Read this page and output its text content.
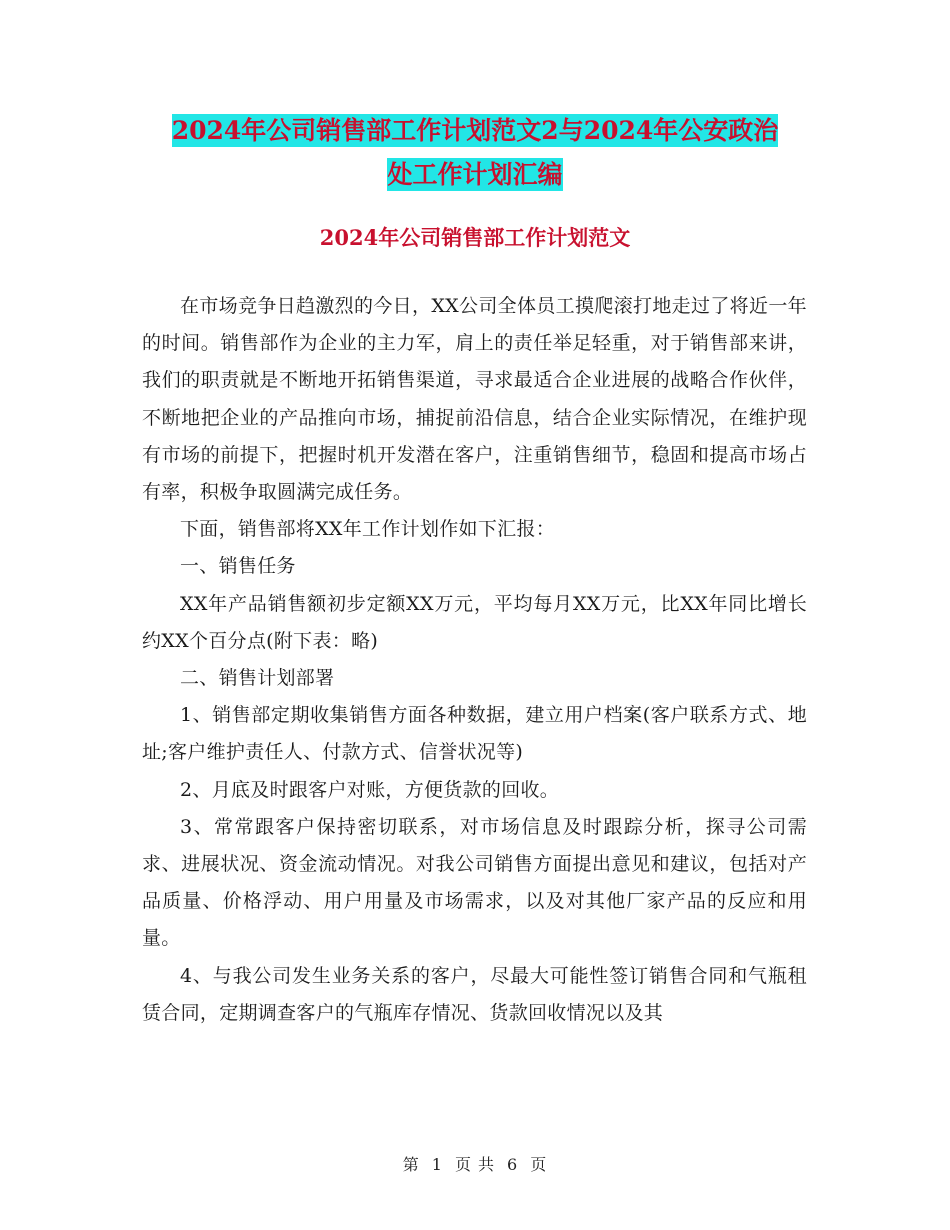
2024年公司销售部工作计划范文2与2024年公安政治
处工作计划汇编
2024年公司销售部工作计划范文

在市场竞争日趋激烈的今日，XX公司全体员工摸爬滚打地走过了将近一年的时间。销售部作为企业的主力军，肩上的责任举足轻重，对于销售部来讲，我们的职责就是不断地开拓销售渠道，寻求最适合企业进展的战略合作伙伴，不断地把企业的产品推向市场，捕捉前沿信息，结合企业实际情况，在维护现有市场的前提下，把握时机开发潜在客户，注重销售细节，稳固和提高市场占有率，积极争取圆满完成任务。

下面，销售部将XX年工作计划作如下汇报：

一、销售任务

XX年产品销售额初步定额XX万元，平均每月XX万元，比XX年同比增长约XX个百分点(附下表：略)

二、销售计划部署

1、销售部定期收集销售方面各种数据，建立用户档案(客户联系方式、地址;客户维护责任人、付款方式、信誉状况等)

2、月底及时跟客户对账，方便货款的回收。

3、常常跟客户保持密切联系，对市场信息及时跟踪分析，探寻公司需求、进展状况、资金流动情况。对我公司销售方面提出意见和建议，包括对产品质量、价格浮动、用户用量及市场需求，以及对其他厂家产品的反应和用量。

4、与我公司发生业务关系的客户，尽最大可能性签订销售合同和气瓶租赁合同，定期调查客户的气瓶库存情况、货款回收情况以及其

第 1 页 共 6 页
